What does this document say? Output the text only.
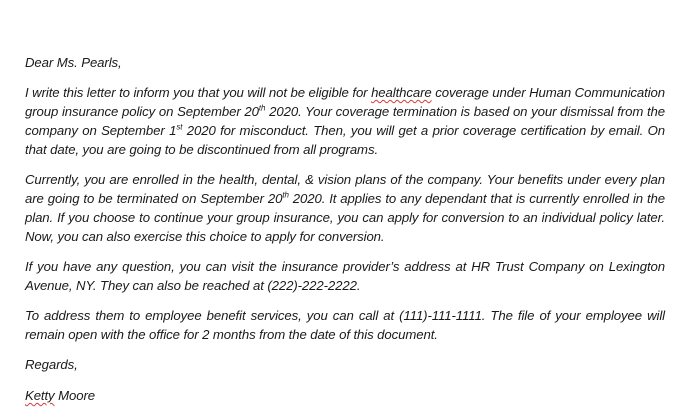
Dear Ms. Pearls,

I write this letter to inform you that you will not be eligible for healthcare coverage under Human Communication group insurance policy on September 20th 2020. Your coverage termination is based on your dismissal from the company on September 1st 2020 for misconduct. Then, you will get a prior coverage certification by email. On that date, you are going to be discontinued from all programs.

Currently, you are enrolled in the health, dental, & vision plans of the company. Your benefits under every plan are going to be terminated on September 20th 2020. It applies to any dependant that is currently enrolled in the plan. If you choose to continue your group insurance, you can apply for conversion to an individual policy later. Now, you can also exercise this choice to apply for conversion.

If you have any question, you can visit the insurance provider’s address at HR Trust Company on Lexington Avenue, NY. They can also be reached at (222)-222-2222.

To address them to employee benefit services, you can call at (111)-111-1111. The file of your employee will remain open with the office for 2 months from the date of this document.

Regards,

Ketty Moore
